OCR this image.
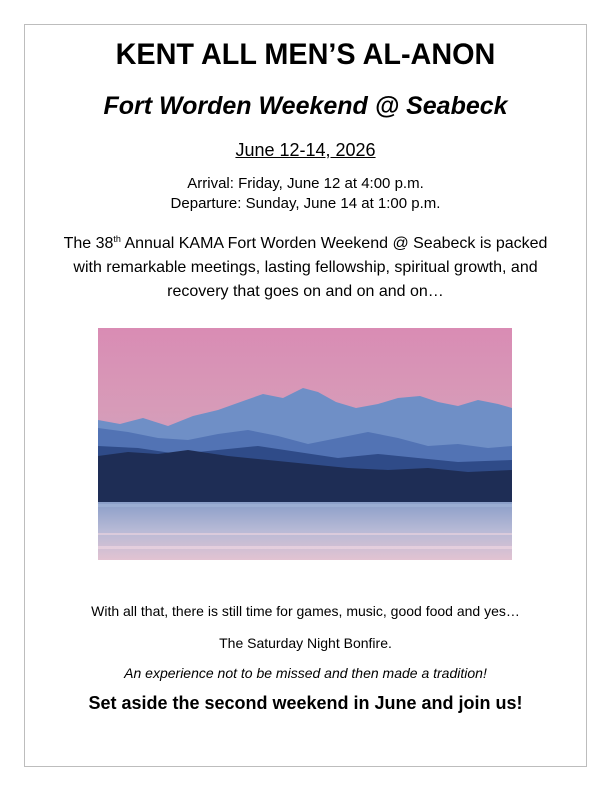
KENT ALL MEN’S AL-ANON
Fort Worden Weekend @ Seabeck
June 12-14, 2026
Arrival: Friday, June 12 at 4:00 p.m.
Departure: Sunday, June 14 at 1:00 p.m.
The 38th Annual KAMA Fort Worden Weekend @ Seabeck is packed with remarkable meetings, lasting fellowship, spiritual growth, and recovery that goes on and on and on…
With all that, there is still time for games, music, good food and yes…
The Saturday Night Bonfire.
An experience not to be missed and then made a tradition!
Set aside the second weekend in June and join us!
